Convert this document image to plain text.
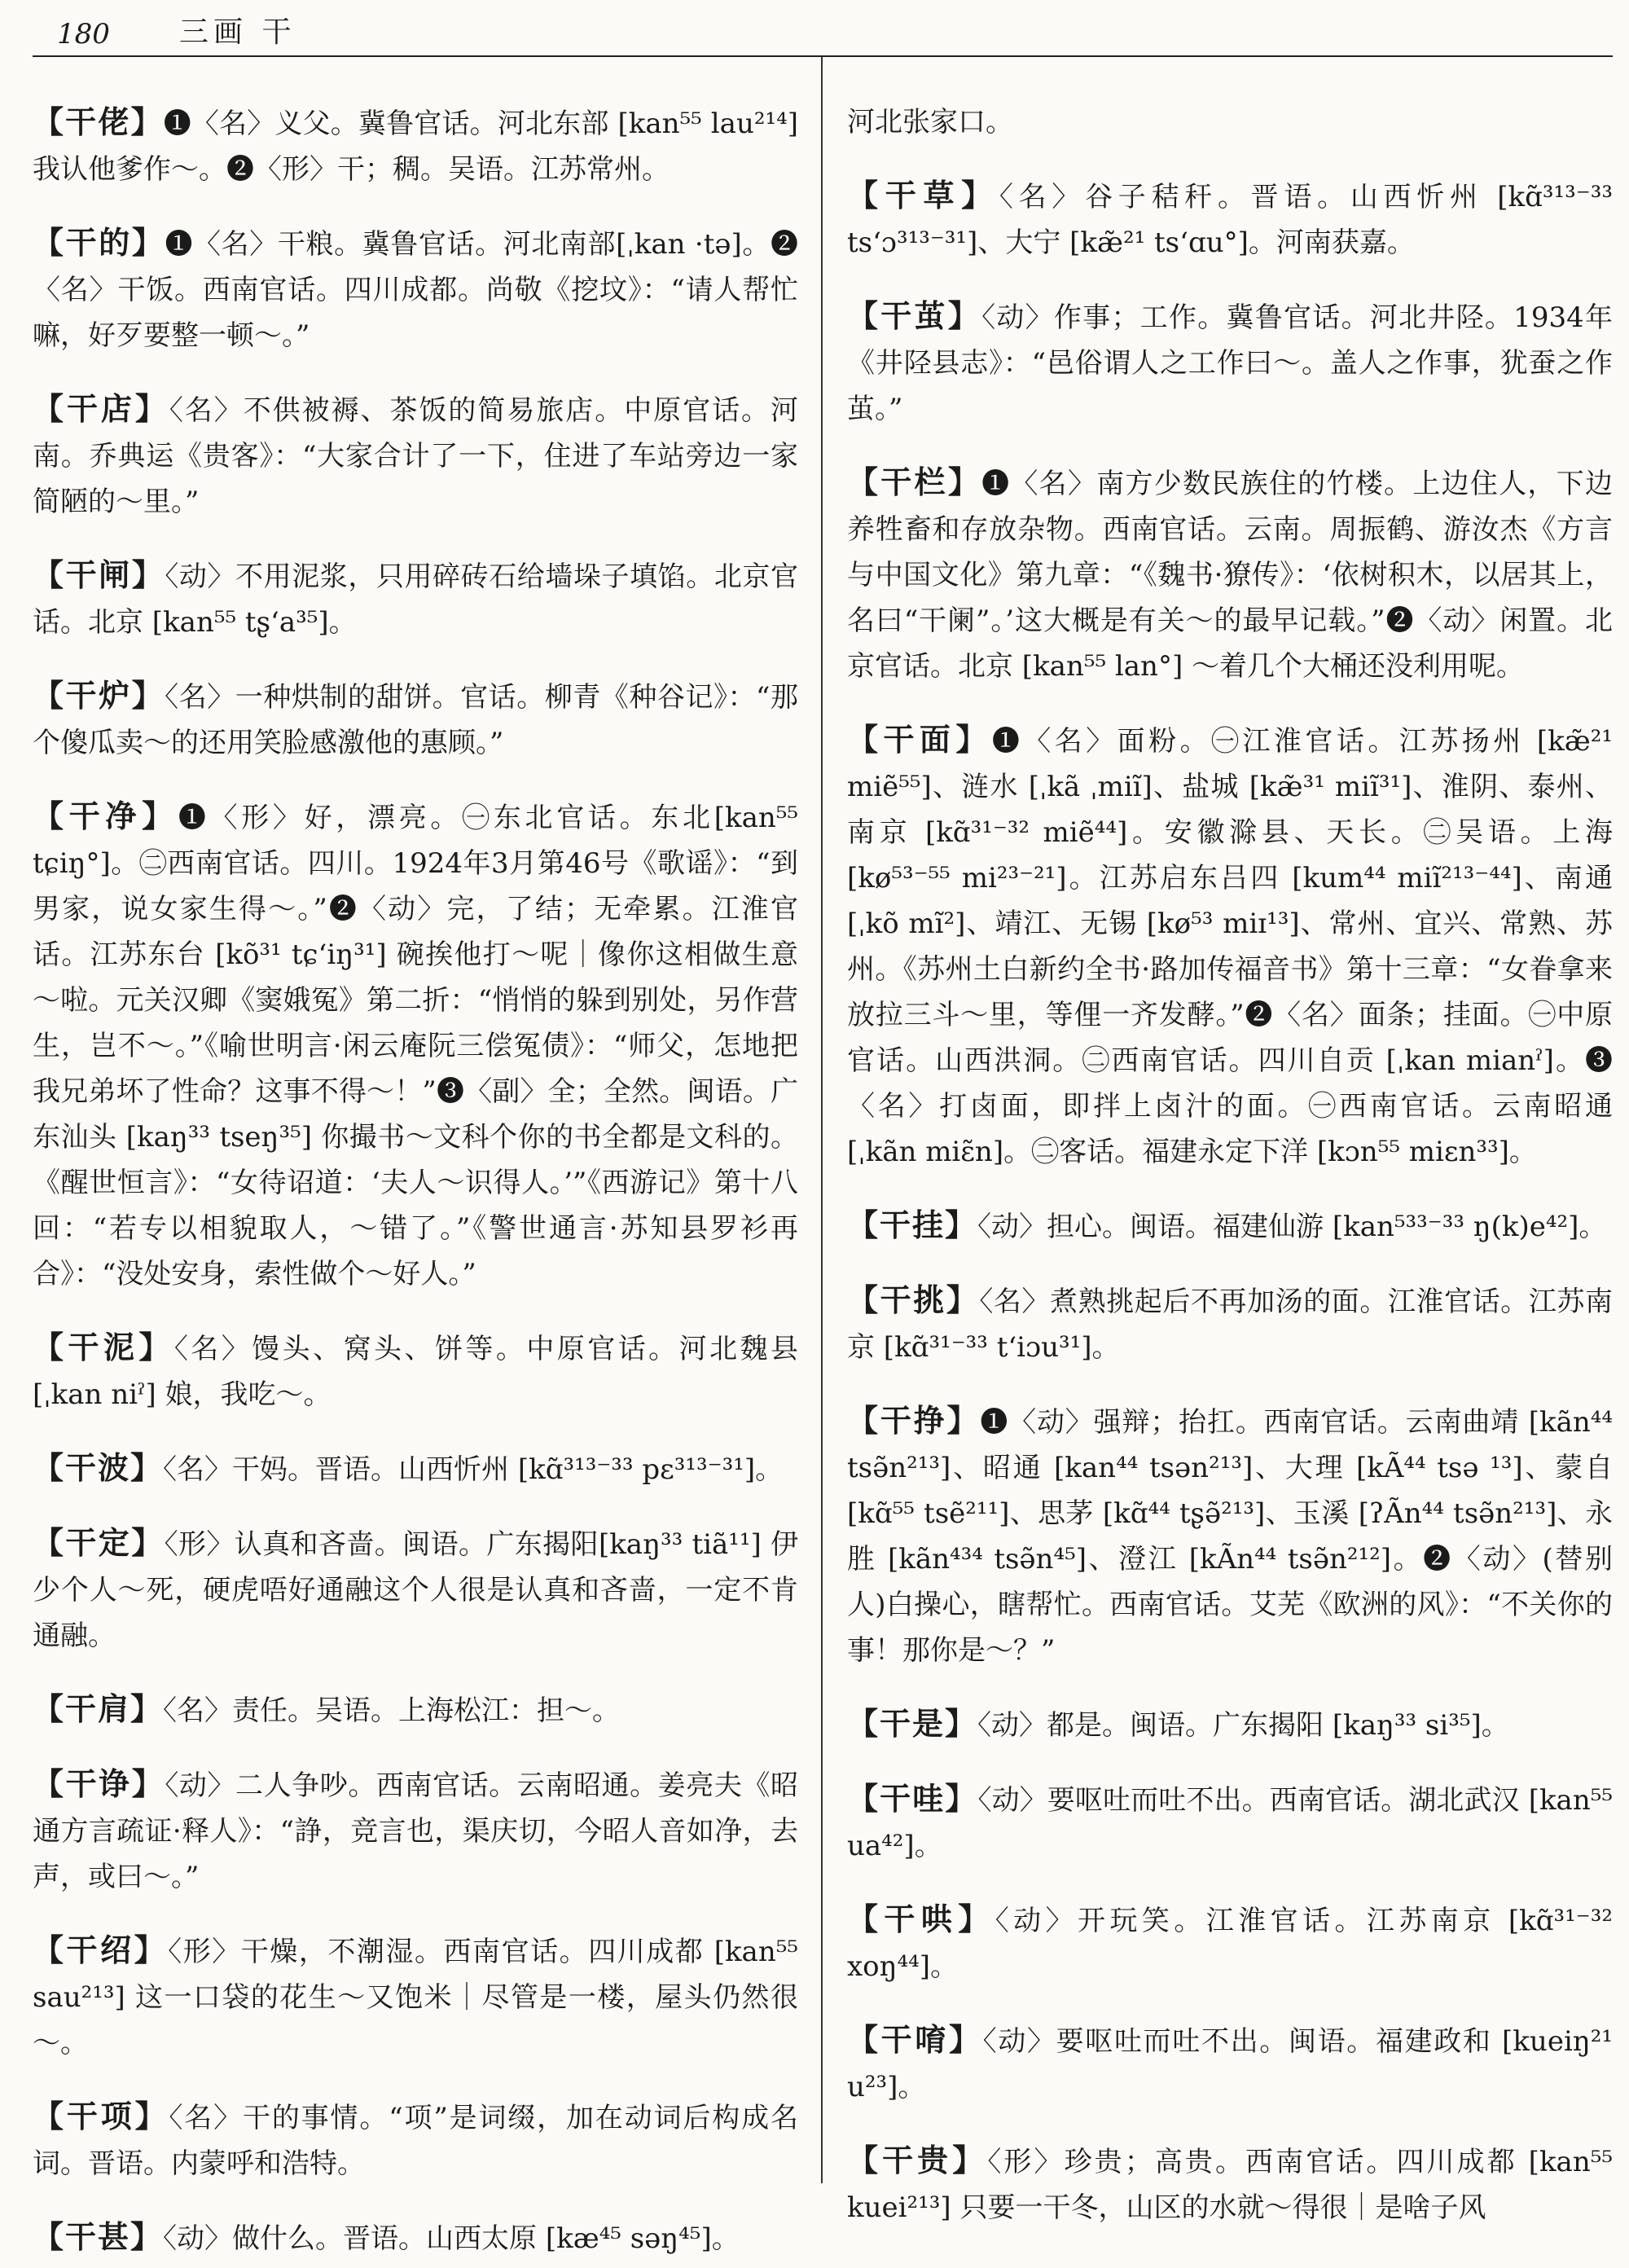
180	三画 干

【干佬】❶〈名〉义父。冀鲁官话。河北东部 [kan⁵⁵ lau²¹⁴] 我认他爹作～。❷〈形〉干；稠。吴语。江苏常州。

【干的】❶〈名〉干粮。冀鲁官话。河北南部[ˌkan ·tə]。❷〈名〉干饭。西南官话。四川成都。尚敬《挖坟》：“请人帮忙嘛，好歹要整一顿～。”

【干店】〈名〉不供被褥、茶饭的简易旅店。中原官话。河南。乔典运《贵客》：“大家合计了一下，住进了车站旁边一家简陋的～里。”

【干闸】〈动〉不用泥浆，只用碎砖石给墙垛子填馅。北京官话。北京 [kan⁵⁵ tʂʻa³⁵]。

【干炉】〈名〉一种烘制的甜饼。官话。柳青《种谷记》：“那个傻瓜卖～的还用笑脸感激他的惠顾。”

【干净】❶〈形〉好，漂亮。㊀东北官话。东北[kan⁵⁵ tɕiŋ°]。㊁西南官话。四川。1924年3月第46号《歌谣》：“到男家，说女家生得～。”❷〈动〉完，了结；无牵累。江淮官话。江苏东台 [kõ³¹ tɕʻiŋ³¹] 碗挨他打～呢｜像你这相做生意～啦。元关汉卿《窦娥冤》第二折：“悄悄的躲到别处，另作营生，岂不～。”《喻世明言·闲云庵阮三偿冤债》：“师父，怎地把我兄弟坏了性命？这事不得～！”❸〈副〉全；全然。闽语。广东汕头 [kaŋ³³ tseŋ³⁵] 你撮书～文科个你的书全都是文科的。《醒世恒言》：“女待诏道：‘夫人～识得人。’”《西游记》第十八回：“若专以相貌取人，～错了。”《警世通言·苏知县罗衫再合》：“没处安身，索性做个～好人。”

【干泥】〈名〉馒头、窝头、饼等。中原官话。河北魏县[ˌkan niˀ] 娘，我吃～。

【干波】〈名〉干妈。晋语。山西忻州 [kɑ̃³¹³⁻³³ pɛ³¹³⁻³¹]。

【干定】〈形〉认真和吝啬。闽语。广东揭阳[kaŋ³³ tiã¹¹] 伊少个人～死，硬虎唔好通融这个人很是认真和吝啬，一定不肯通融。

【干肩】〈名〉责任。吴语。上海松江：担～。

【干诤】〈动〉二人争吵。西南官话。云南昭通。姜亮夫《昭通方言疏证·释人》：“諍，竞言也，渠庆切，今昭人音如净，去声，或曰～。”

【干绍】〈形〉干燥，不潮湿。西南官话。四川成都 [kan⁵⁵ sau²¹³] 这一口袋的花生～又饱米｜尽管是一楼，屋头仍然很～。

【干项】〈名〉干的事情。“项”是词缀，加在动词后构成名词。晋语。内蒙呼和浩特。

【干甚】〈动〉做什么。晋语。山西太原 [kæ⁴⁵ səŋ⁴⁵]。

河北张家口。

【干草】〈名〉谷子秸秆。晋语。山西忻州 [kɑ̃³¹³⁻³³ tsʻɔ³¹³⁻³¹]、大宁 [kæ̃²¹ tsʻɑu°]。河南获嘉。

【干茧】〈动〉作事；工作。冀鲁官话。河北井陉。1934年《井陉县志》：“邑俗谓人之工作曰～。盖人之作事，犹蚕之作茧。”

【干栏】❶〈名〉南方少数民族住的竹楼。上边住人，下边养牲畜和存放杂物。西南官话。云南。周振鹤、游汝杰《方言与中国文化》第九章：“《魏书·獠传》：‘依树积木，以居其上，名曰“干阑”。’这大概是有关～的最早记载。”❷〈动〉闲置。北京官话。北京 [kan⁵⁵ lan°] ～着几个大桶还没利用呢。

【干面】❶〈名〉面粉。㊀江淮官话。江苏扬州 [kæ̃²¹ miẽ⁵⁵]、涟水 [ˌkã ˌmiĩ]、盐城 [kæ̃³¹ miĩ³¹]、淮阴、泰州、南京 [kɑ̃³¹⁻³² miẽ⁴⁴]。安徽滁县、天长。㊁吴语。上海[kø⁵³⁻⁵⁵ mi²³⁻²¹]。江苏启东吕四 [kum⁴⁴ miĩ²¹³⁻⁴⁴]、南通 [ˌkõ mĩ²]、靖江、无锡 [kø⁵³ miɪ¹³]、常州、宜兴、常熟、苏州。《苏州土白新约全书·路加传福音书》第十三章：“女眷拿来放拉三斗～里，等俚一齐发酵。”❷〈名〉面条；挂面。㊀中原官话。山西洪洞。㊁西南官话。四川自贡 [ˌkan mianˀ]。❸〈名〉打卤面，即拌上卤汁的面。㊀西南官话。云南昭通 [ˌkãn miɛ̃n]。㊁客话。福建永定下洋 [kɔn⁵⁵ miɛn³³]。

【干挂】〈动〉担心。闽语。福建仙游 [kan⁵³³⁻³³ ŋ(k)e⁴²]。

【干挑】〈名〉煮熟挑起后不再加汤的面。江淮官话。江苏南京 [kɑ̃³¹⁻³³ tʻiɔu³¹]。

【干挣】❶〈动〉强辩；抬扛。西南官话。云南曲靖 [kãn⁴⁴ tsə̃n²¹³]、昭通 [kan⁴⁴ tsən²¹³]、大理 [kÃ⁴⁴ tsə ¹³]、蒙自 [kɑ̃⁵⁵ tsẽ²¹¹]、思茅 [kɑ̃⁴⁴ tʂə̃²¹³]、玉溪 [ʔÃn⁴⁴ tsə̃n²¹³]、永胜 [kãn⁴³⁴ tsə̃n⁴⁵]、澄江 [kÃn⁴⁴ tsə̃n²¹²]。❷〈动〉(替别人)白操心，瞎帮忙。西南官话。艾芜《欧洲的风》：“不关你的事！那你是～？”

【干是】〈动〉都是。闽语。广东揭阳 [kaŋ³³ si³⁵]。

【干哇】〈动〉要呕吐而吐不出。西南官话。湖北武汉 [kan⁵⁵ ua⁴²]。

【干哄】〈动〉开玩笑。江淮官话。江苏南京 [kɑ̃³¹⁻³² xoŋ⁴⁴]。

【干唷】〈动〉要呕吐而吐不出。闽语。福建政和 [kueiŋ²¹ u²³]。

【干贵】〈形〉珍贵；高贵。西南官话。四川成都 [kan⁵⁵ kuei²¹³] 只要一干冬，山区的水就～得很｜是啥子风
